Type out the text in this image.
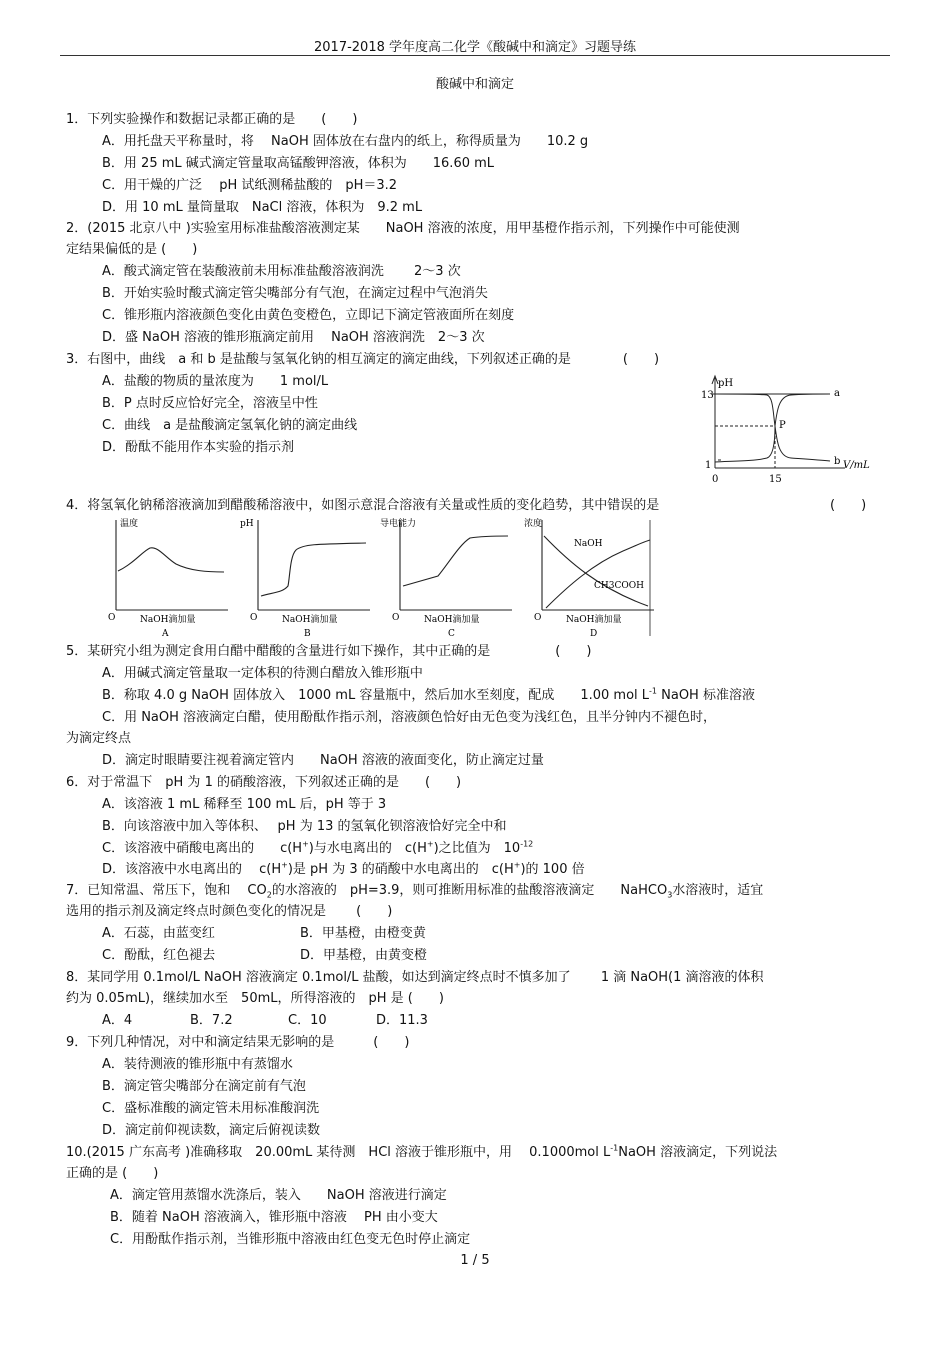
2017-2018 学年度高二化学《酸碱中和滴定》习题导练
酸碱中和滴定
1．下列实验操作和数据记录都正确的是　　(　　)
A．用托盘天平称量时，将　 NaOH 固体放在右盘内的纸上，称得质量为　　10.2 g
B．用 25 mL 碱式滴定管量取高锰酸钾溶液，体积为　　16.60 mL
C．用干燥的广泛　 pH 试纸测稀盐酸的　pH＝3.2
D．用 10 mL 量筒量取　NaCl 溶液，体积为　9.2 mL
2．(2015 北京八中 )实验室用标准盐酸溶液测定某　　NaOH 溶液的浓度，用甲基橙作指示剂，下列操作中可能使测
定结果偏低的是 (　　)
A．酸式滴定管在装酸液前未用标准盐酸溶液润洗　　 2～3 次
B．开始实验时酸式滴定管尖嘴部分有气泡，在滴定过程中气泡消失
C．锥形瓶内溶液颜色变化由黄色变橙色，立即记下滴定管液面所在刻度
D．盛 NaOH 溶液的锥形瓶滴定前用　 NaOH 溶液润洗　2～3 次
3．右图中，曲线　a 和 b 是盐酸与氢氧化钠的相互滴定的滴定曲线，下列叙述正确的是　　　　(　　)
A．盐酸的物质的量浓度为　　1 mol/L
B．P 点时反应恰好完全，溶液呈中性
C．曲线　a 是盐酸滴定氢氧化钠的滴定曲线
D．酚酞不能用作本实验的指示剂
pH
13
1
0	15
V/mL
a
b
P
4．将氢氧化钠稀溶液滴加到醋酸稀溶液中，如图示意混合溶液有关量或性质的变化趋势，其中错误的是	(　　)
温度
O	NaOH滴加量
A
pH
O	NaOH滴加量
B
导电能力
O	NaOH滴加量
C
浓度
O	NaOH滴加量
D
NaOH
CH3COOH
5．某研究小组为测定食用白醋中醋酸的含量进行如下操作，其中正确的是　　　　　(　　)
A．用碱式滴定管量取一定体积的待测白醋放入锥形瓶中
B．称取 4.0 g NaOH 固体放入　1000 mL 容量瓶中，然后加水至刻度，配成　　1.00 mol $L^{-1}$ NaOH 标准溶液
C．用 NaOH 溶液滴定白醋，使用酚酞作指示剂，溶液颜色恰好由无色变为浅红色，且半分钟内不褪色时，
为滴定终点
D．滴定时眼睛要注视着滴定管内　　NaOH 溶液的液面变化，防止滴定过量
6．对于常温下　pH 为 1 的硝酸溶液，下列叙述正确的是　　(　　)
A．该溶液 1 mL 稀释至 100 mL 后，pH 等于 3
B．向该溶液中加入等体积、　 pH 为 13 的氢氧化钡溶液恰好完全中和
C．该溶液中硝酸电离出的　　c(H+)与水电离出的　c(H+)之比值为　$10^{-12}$
D．该溶液中水电离出的　 c(H+)是 pH 为 3 的硝酸中水电离出的　c(H+)的 100 倍
7．已知常温、常压下，饱和　 $CO_2$的水溶液的　pH=3.9，则可推断用标准的盐酸溶液滴定　　NaHCO$_3$水溶液时，适宜
选用的指示剂及滴定终点时颜色变化的情况是　　 (　　)
A．石蕊，由蓝变红	B．甲基橙，由橙变黄
C．酚酞，红色褪去	D．甲基橙，由黄变橙
8．某同学用 0.1mol/L NaOH 溶液滴定 0.1mol/L 盐酸，如达到滴定终点时不慎多加了　　 1 滴 NaOH(1 滴溶液的体积
约为 0.05mL)，继续加水至　50mL，所得溶液的　pH 是 (　　)
A．4	B．7.2	C．10	D．11.3
9．下列几种情况，对中和滴定结果无影响的是　　　(　　)
A．装待测液的锥形瓶中有蒸馏水
B．滴定管尖嘴部分在滴定前有气泡
C．盛标准酸的滴定管未用标准酸润洗
D．滴定前仰视读数，滴定后俯视读数
10.(2015 广东高考 )准确移取　20.00mL 某待测　HCl 溶液于锥形瓶中，用　 0.1000mol $L^{-1}NaOH$ 溶液滴定，下列说法
正确的是 (　　)
A．滴定管用蒸馏水洗涤后，装入　　NaOH 溶液进行滴定
B．随着 NaOH 溶液滴入，锥形瓶中溶液　 PH 由小变大
C．用酚酞作指示剂，当锥形瓶中溶液由红色变无色时停止滴定
1 / 5
